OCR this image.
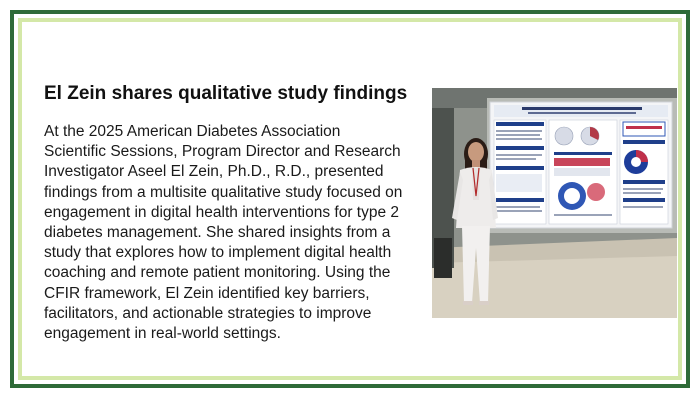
El Zein shares qualitative study findings

At the 2025 American Diabetes Association Scientific Sessions, Program Director and Research Investigator Aseel El Zein, Ph.D., R.D., presented findings from a multisite qualitative study focused on engagement in digital health interventions for type 2 diabetes management. She shared insights from a study that explores how to implement digital health coaching and remote patient monitoring. Using the CFIR framework, El Zein identified key barriers, facilitators, and actionable strategies to improve engagement in real-world settings.
